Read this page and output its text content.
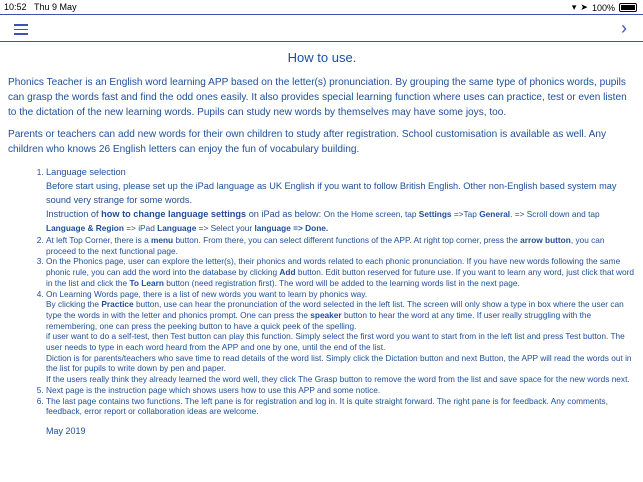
10:52 Thu 9 May	▾ ➤ 100%
›
How to use.

Phonics Teacher is an English word learning APP based on the letter(s) pronunciation. By grouping the same type of phonics words, pupils can grasp the words fast and find the odd ones easily. It also provides special learning function where uses can practice, test or even listen to the dictation of the new learning words. Pupils can study new words by themselves may have some joys, too.

Parents or teachers can add new words for their own children to study after registration. School customisation is available as well. Any children who knows 26 English letters can enjoy the fun of vocabulary building.

1. Language selection
Before start using, please set up the iPad language as UK English if you want to follow British English. Other non-English based system may sound very strange for some words.
Instruction of how to change language settings on iPad as below: On the Home screen, tap Settings =>Tap General. => Scroll down and tap Language & Region => iPad Language => Select your language => Done.
2. At left Top Corner, there is a menu button. From there, you can select different functions of the APP. At right top corner, press the arrow button, you can proceed to the next functional page.
3. On the Phonics page, user can explore the letter(s), their phonics and words related to each phonic pronunciation. If you have new words following the same phonic rule, you can add the word into the database by clicking Add button. Edit button reserved for future use. If you want to learn any word, just click that word in the list and click the To Learn button (need registration first). The word will be added to the learning words list in the next page.
4. On Learning Words page, there is a list of new words you want to learn by phonics way.
By clicking the Practice button, use can hear the pronunciation of the word selected in the left list. The screen will only show a type in box where the user can type the words in with the letter and phonics prompt. One can press the speaker button to hear the word at any time. If user really struggling with the remembering, one can press the peeking button to have a quick peek of the spelling.
if user want to do a self-test, then Test button can play this function. Simply select the first word you want to start from in the left list and press Test button. The user needs to type in each word heard from the APP and one by one, until the end of the list.
Diction is for parents/teachers who save time to read details of the word list. Simply click the Dictation button and next Button, the APP will read the words out in the list for pupils to write down by pen and paper.
If the users really think they already learned the word well, they click The Grasp button to remove the word from the list and save space for the new words next.
5. Next page is the instruction page which shows users how to use this APP and some notice.
6. The last page contains two functions. The left pane is for registration and log in. It is quite straight forward. The right pane is for feedback. Any comments, feedback, error report or collaboration ideas are welcome.
May 2019
